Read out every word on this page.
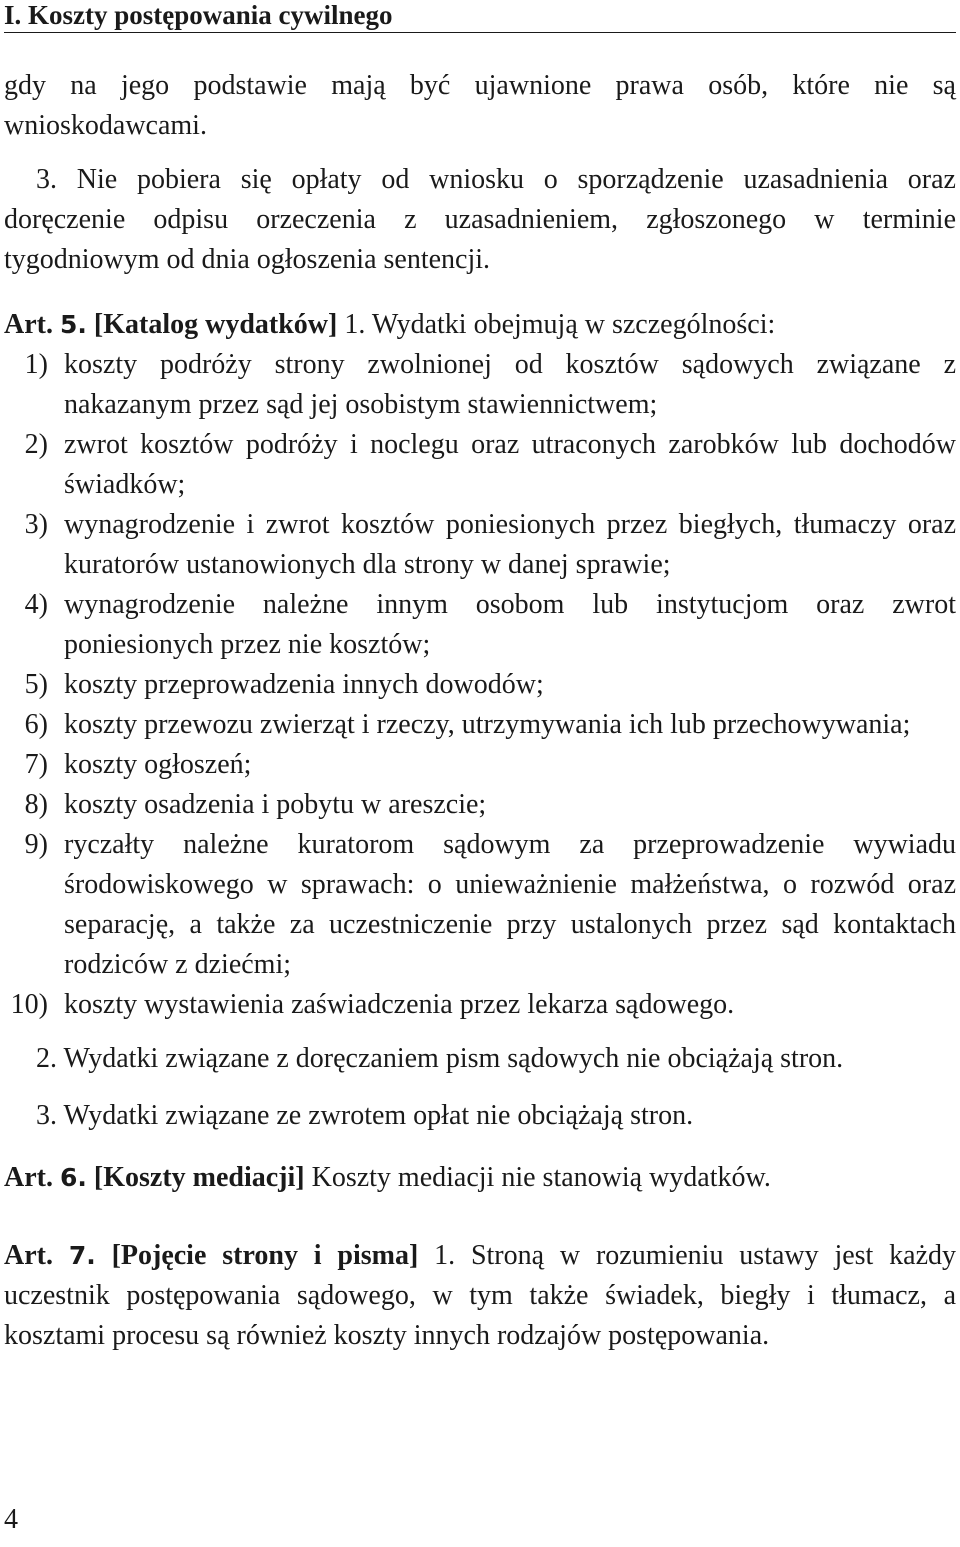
I. Koszty postępowania cywilnego

gdy na jego podstawie mają być ujawnione prawa osób, które nie są wnioskodawcami.

3. Nie pobiera się opłaty od wniosku o sporządzenie uzasadnienia oraz doręczenie odpisu orzeczenia z uzasadnieniem, zgłoszonego w terminie tygodniowym od dnia ogłoszenia sentencji.

Art. 5. [Katalog wydatków] 1. Wydatki obejmują w szczególności:

1) koszty podróży strony zwolnionej od kosztów sądowych związane z nakazanym przez sąd jej osobistym stawiennictwem;
2) zwrot kosztów podróży i noclegu oraz utraconych zarobków lub dochodów świadków;
3) wynagrodzenie i zwrot kosztów poniesionych przez biegłych, tłumaczy oraz kuratorów ustanowionych dla strony w danej sprawie;
4) wynagrodzenie należne innym osobom lub instytucjom oraz zwrot poniesionych przez nie kosztów;
5) koszty przeprowadzenia innych dowodów;
6) koszty przewozu zwierząt i rzeczy, utrzymywania ich lub przechowywania;
7) koszty ogłoszeń;
8) koszty osadzenia i pobytu w areszcie;
9) ryczałty należne kuratorom sądowym za przeprowadzenie wywiadu środowiskowego w sprawach: o unieważnienie małżeństwa, o rozwód oraz separację, a także za uczestniczenie przy ustalonych przez sąd kontaktach rodziców z dziećmi;
10) koszty wystawienia zaświadczenia przez lekarza sądowego.

2. Wydatki związane z doręczaniem pism sądowych nie obciążają stron.

3. Wydatki związane ze zwrotem opłat nie obciążają stron.

Art. 6. [Koszty mediacji] Koszty mediacji nie stanowią wydatków.

Art. 7. [Pojęcie strony i pisma] 1. Stroną w rozumieniu ustawy jest każdy uczestnik postępowania sądowego, w tym także świadek, biegły i tłumacz, a kosztami procesu są również koszty innych rodzajów postępowania.

4
